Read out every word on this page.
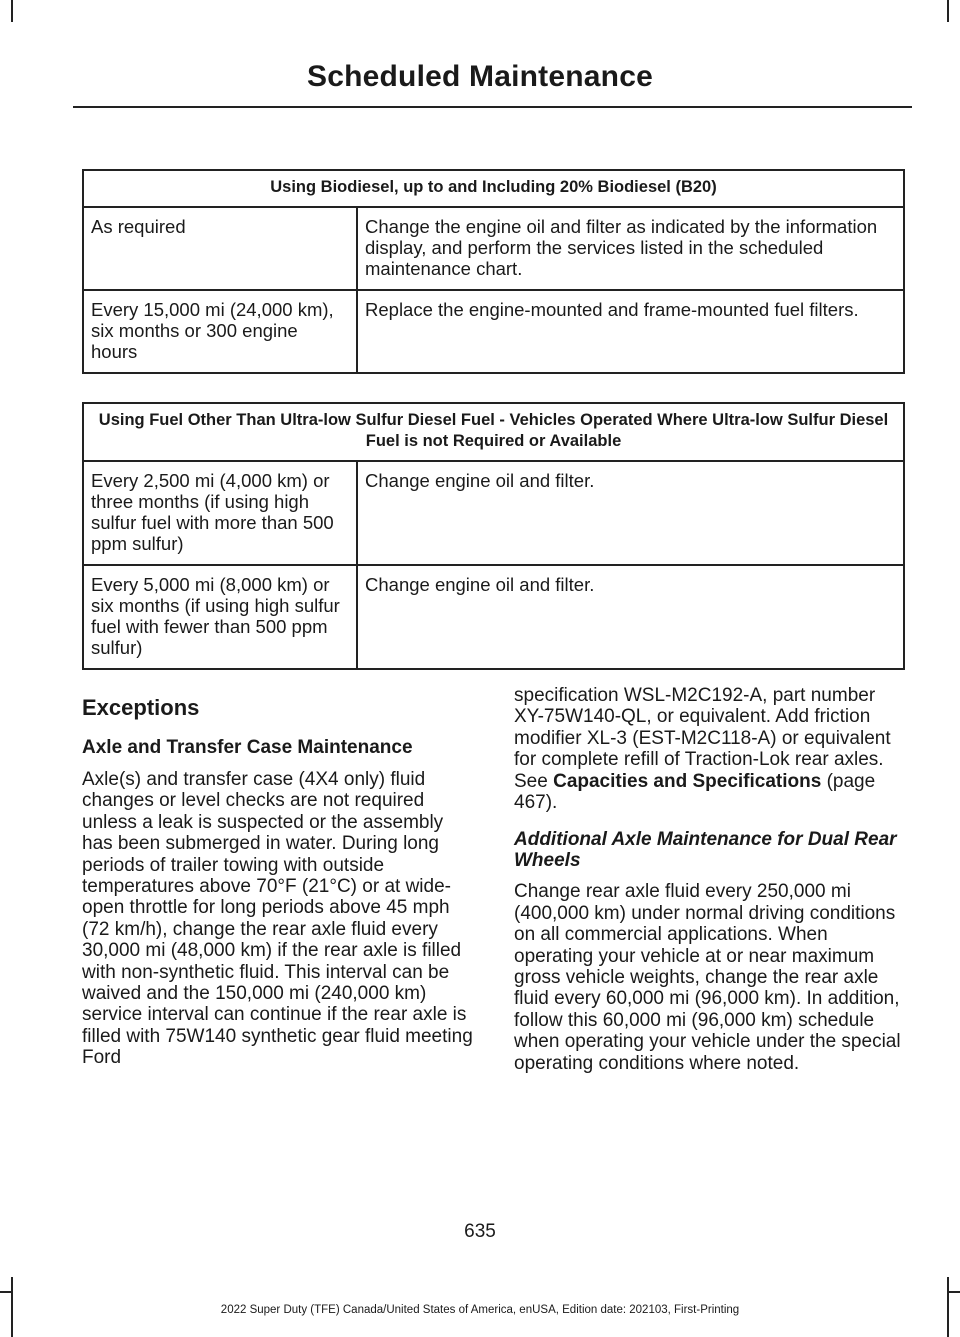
Scheduled Maintenance
Using Biodiesel, up to and Including 20% Biodiesel (B20)	
As required	Change the engine oil and filter as indicated by the information display, and perform the services listed in the scheduled maintenance chart.
Every 15,000 mi (24,000 km), six months or 300 engine hours	Replace the engine-mounted and frame-mounted fuel filters.
Using Fuel Other Than Ultra-low Sulfur Diesel Fuel - Vehicles Operated Where Ultra-low Sulfur Diesel Fuel is not Required or Available	
Every 2,500 mi (4,000 km) or three months (if using high sulfur fuel with more than 500 ppm sulfur)	Change engine oil and filter.
Every 5,000 mi (8,000 km) or six months (if using high sulfur fuel with fewer than 500 ppm sulfur)	Change engine oil and filter.
Exceptions
Axle and Transfer Case Maintenance
Axle(s) and transfer case (4X4 only) fluid changes or level checks are not required unless a leak is suspected or the assembly has been submerged in water. During long periods of trailer towing with outside temperatures above 70°F (21°C) or at wide-open throttle for long periods above 45 mph (72 km/h), change the rear axle fluid every 30,000 mi (48,000 km) if the rear axle is filled with non-synthetic fluid. This interval can be waived and the 150,000 mi (240,000 km) service interval can continue if the rear axle is filled with 75W140 synthetic gear fluid meeting Ford
specification WSL-M2C192-A, part number XY-75W140-QL, or equivalent. Add friction modifier XL-3 (EST-M2C118-A) or equivalent for complete refill of Traction-Lok rear axles. See Capacities and Specifications (page 467).
Additional Axle Maintenance for Dual Rear Wheels
Change rear axle fluid every 250,000 mi (400,000 km) under normal driving conditions on all commercial applications. When operating your vehicle at or near maximum gross vehicle weights, change the rear axle fluid every 60,000 mi (96,000 km). In addition, follow this 60,000 mi (96,000 km) schedule when operating your vehicle under the special operating conditions where noted.
635
2022 Super Duty (TFE) Canada/United States of America, enUSA, Edition date: 202103, First-Printing
